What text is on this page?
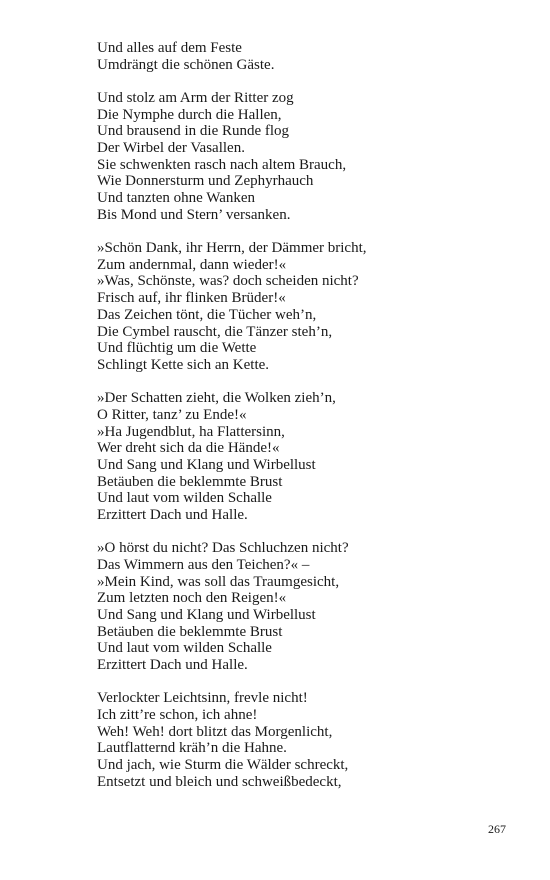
Und alles auf dem Feste
Umdrängt die schönen Gäste.
Und stolz am Arm der Ritter zog
Die Nymphe durch die Hallen,
Und brausend in die Runde flog
Der Wirbel der Vasallen.
Sie schwenkten rasch nach altem Brauch,
Wie Donnersturm und Zephyrhauch
Und tanzten ohne Wanken
Bis Mond und Stern’ versanken.
»Schön Dank, ihr Herrn, der Dämmer bricht,
Zum andernmal, dann wieder!«
»Was, Schönste, was? doch scheiden nicht?
Frisch auf, ihr flinken Brüder!«
Das Zeichen tönt, die Tücher weh’n,
Die Cymbel rauscht, die Tänzer steh’n,
Und flüchtig um die Wette
Schlingt Kette sich an Kette.
»Der Schatten zieht, die Wolken zieh’n,
O Ritter, tanz’ zu Ende!«
»Ha Jugendblut, ha Flattersinn,
Wer dreht sich da die Hände!«
Und Sang und Klang und Wirbellust
Betäuben die beklemmte Brust
Und laut vom wilden Schalle
Erzittert Dach und Halle.
»O hörst du nicht? Das Schluchzen nicht?
Das Wimmern aus den Teichen?« –
»Mein Kind, was soll das Traumgesicht,
Zum letzten noch den Reigen!«
Und Sang und Klang und Wirbellust
Betäuben die beklemmte Brust
Und laut vom wilden Schalle
Erzittert Dach und Halle.
Verlockter Leichtsinn, frevle nicht!
Ich zitt’re schon, ich ahne!
Weh! Weh! dort blitzt das Morgenlicht,
Lautflatternd kräh’n die Hahne.
Und jach, wie Sturm die Wälder schreckt,
Entsetzt und bleich und schweißbedeckt,
267
